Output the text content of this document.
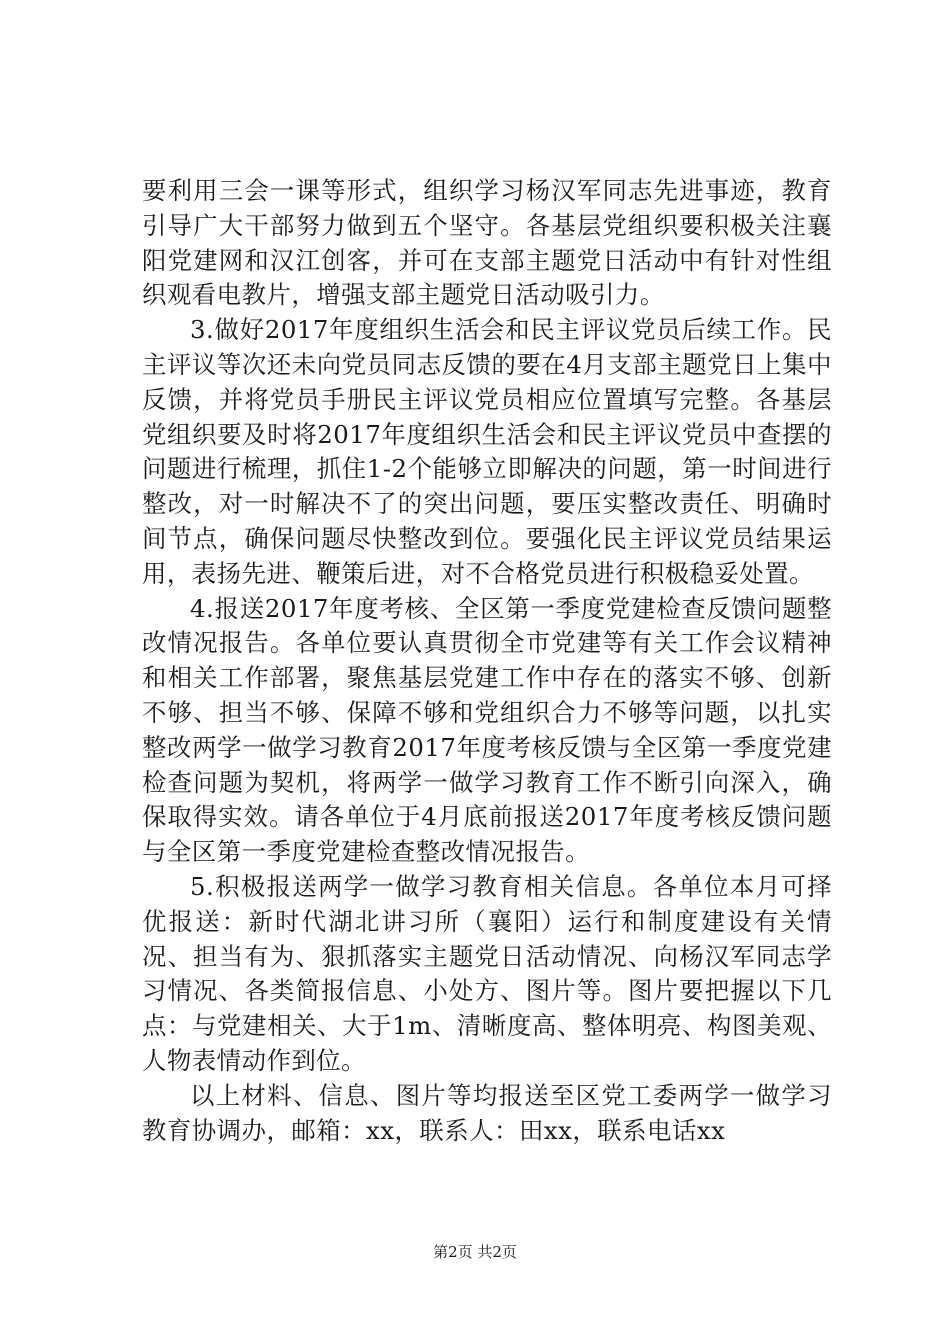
要利用三会一课等形式，组织学习杨汉军同志先进事迹，教育引导广大干部努力做到五个坚守。各基层党组织要积极关注襄阳党建网和汉江创客，并可在支部主题党日活动中有针对性组织观看电教片，增强支部主题党日活动吸引力。

3.做好2017年度组织生活会和民主评议党员后续工作。民主评议等次还未向党员同志反馈的要在4月支部主题党日上集中反馈，并将党员手册民主评议党员相应位置填写完整。各基层党组织要及时将2017年度组织生活会和民主评议党员中查摆的问题进行梳理，抓住1-2个能够立即解决的问题，第一时间进行整改，对一时解决不了的突出问题，要压实整改责任、明确时间节点，确保问题尽快整改到位。要强化民主评议党员结果运用，表扬先进、鞭策后进，对不合格党员进行积极稳妥处置。

4.报送2017年度考核、全区第一季度党建检查反馈问题整改情况报告。各单位要认真贯彻全市党建等有关工作会议精神和相关工作部署，聚焦基层党建工作中存在的落实不够、创新不够、担当不够、保障不够和党组织合力不够等问题，以扎实整改两学一做学习教育2017年度考核反馈与全区第一季度党建检查问题为契机，将两学一做学习教育工作不断引向深入，确保取得实效。请各单位于4月底前报送2017年度考核反馈问题与全区第一季度党建检查整改情况报告。

5.积极报送两学一做学习教育相关信息。各单位本月可择优报送：新时代湖北讲习所（襄阳）运行和制度建设有关情况、担当有为、狠抓落实主题党日活动情况、向杨汉军同志学习情况、各类简报信息、小处方、图片等。图片要把握以下几点：与党建相关、大于1m、清晰度高、整体明亮、构图美观、人物表情动作到位。

以上材料、信息、图片等均报送至区党工委两学一做学习教育协调办，邮箱：xx，联系人：田xx，联系电话xx

第2页 共2页
